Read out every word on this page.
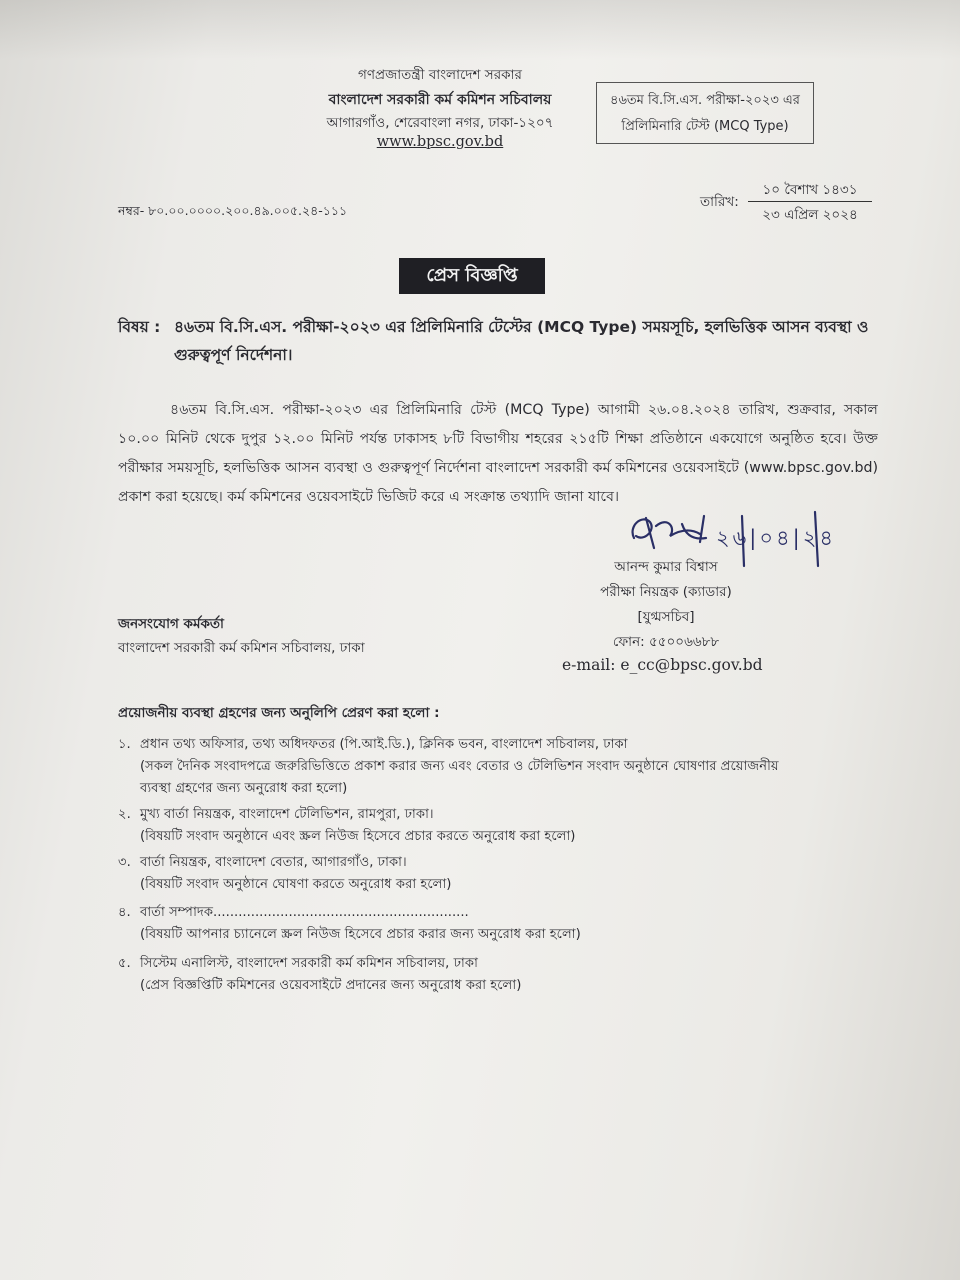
গণপ্রজাতন্ত্রী বাংলাদেশ সরকার
বাংলাদেশ সরকারী কর্ম কমিশন সচিবালয়
আগারগাঁও, শেরেবাংলা নগর, ঢাকা-১২০৭
www.bpsc.gov.bd
৪৬তম বি.সি.এস. পরীক্ষা-২০২৩ এর
প্রিলিমিনারি টেস্ট (MCQ Type)
নম্বর- ৮০.০০.০০০০.২০০.৪৯.০০৫.২৪-১১১
তারিখ:
১০ বৈশাখ ১৪৩১
২৩ এপ্রিল ২০২৪
প্রেস বিজ্ঞপ্তি
বিষয় : ৪৬তম বি.সি.এস. পরীক্ষা-২০২৩ এর প্রিলিমিনারি টেস্টের (MCQ Type) সময়সূচি, হলভিত্তিক আসন ব্যবস্থা ও গুরুত্বপূর্ণ নির্দেশনা।
৪৬তম বি.সি.এস. পরীক্ষা-২০২৩ এর প্রিলিমিনারি টেস্ট (MCQ Type) আগামী ২৬.০৪.২০২৪ তারিখ, শুক্রবার, সকাল ১০.০০ মিনিট থেকে দুপুর ১২.০০ মিনিট পর্যন্ত ঢাকাসহ ৮টি বিভাগীয় শহরের ২১৫টি শিক্ষা প্রতিষ্ঠানে একযোগে অনুষ্ঠিত হবে। উক্ত পরীক্ষার সময়সূচি, হলভিত্তিক আসন ব্যবস্থা ও গুরুত্বপূর্ণ নির্দেশনা বাংলাদেশ সরকারী কর্ম কমিশনের ওয়েবসাইটে (www.bpsc.gov.bd) প্রকাশ করা হয়েছে। কর্ম কমিশনের ওয়েবসাইটে ভিজিট করে এ সংক্রান্ত তথ্যাদি জানা যাবে।
২৬|০৪|২৪
আনন্দ কুমার বিশ্বাস
পরীক্ষা নিয়ন্ত্রক (ক্যাডার)
[যুগ্মসচিব]
ফোন: ৫৫০০৬৬৮৮
e-mail: e_cc@bpsc.gov.bd
জনসংযোগ কর্মকর্তা
বাংলাদেশ সরকারী কর্ম কমিশন সচিবালয়, ঢাকা
প্রয়োজনীয় ব্যবস্থা গ্রহণের জন্য অনুলিপি প্রেরণ করা হলো :
১. প্রধান তথ্য অফিসার, তথ্য অধিদফতর (পি.আই.ডি.), ক্লিনিক ভবন, বাংলাদেশ সচিবালয়, ঢাকা
(সকল দৈনিক সংবাদপত্রে জরুরিভিত্তিতে প্রকাশ করার জন্য এবং বেতার ও টেলিভিশন সংবাদ অনুষ্ঠানে ঘোষণার প্রয়োজনীয়
ব্যবস্থা গ্রহণের জন্য অনুরোধ করা হলো)
২. মুখ্য বার্তা নিয়ন্ত্রক, বাংলাদেশ টেলিভিশন, রামপুরা, ঢাকা।
(বিষয়টি সংবাদ অনুষ্ঠানে এবং স্ক্রল নিউজ হিসেবে প্রচার করতে অনুরোধ করা হলো)
৩. বার্তা নিয়ন্ত্রক, বাংলাদেশ বেতার, আগারগাঁও, ঢাকা।
(বিষয়টি সংবাদ অনুষ্ঠানে ঘোষণা করতে অনুরোধ করা হলো)
৪. বার্তা সম্পাদক.............................................................
(বিষয়টি আপনার চ্যানেলে স্ক্রল নিউজ হিসেবে প্রচার করার জন্য অনুরোধ করা হলো)
৫. সিস্টেম এনালিস্ট, বাংলাদেশ সরকারী কর্ম কমিশন সচিবালয়, ঢাকা
(প্রেস বিজ্ঞপ্তিটি কমিশনের ওয়েবসাইটে প্রদানের জন্য অনুরোধ করা হলো)
